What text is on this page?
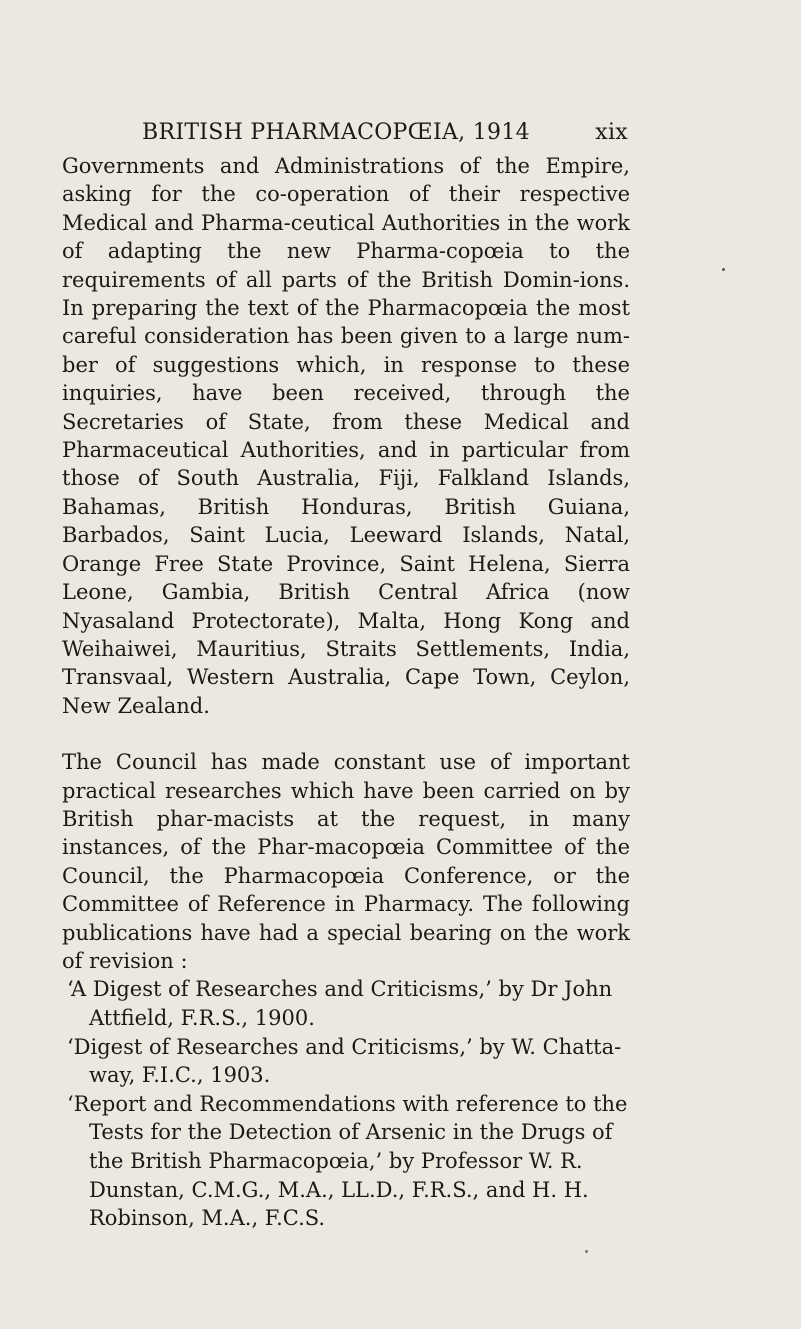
BRITISH PHARMACOPŒIA, 1914	xix

Governments and Administrations of the Empire, asking for the co-operation of their respective Medical and Pharma-ceutical Authorities in the work of adapting the new Pharma-copœia to the requirements of all parts of the British Domin-ions. In preparing the text of the Pharmacopœia the most careful consideration has been given to a large num-ber of suggestions which, in response to these inquiries, have been received, through the Secretaries of State, from these Medical and Pharmaceutical Authorities, and in particular from those of South Australia, Fiji, Falkland Islands, Bahamas, British Honduras, British Guiana, Barbados, Saint Lucia, Leeward Islands, Natal, Orange Free State Province, Saint Helena, Sierra Leone, Gambia, British Central Africa (now Nyasaland Protectorate), Malta, Hong Kong and Weihaiwei, Mauritius, Straits Settlements, India, Transvaal, Western Australia, Cape Town, Ceylon, New Zealand.

The Council has made constant use of important practical researches which have been carried on by British phar-macists at the request, in many instances, of the Phar-macopœia Committee of the Council, the Pharmacopœia Conference, or the Committee of Reference in Pharmacy. The following publications have had a special bearing on the work of revision :

‘A Digest of Researches and Criticisms,’ by Dr John Attfield, F.R.S., 1900.
‘Digest of Researches and Criticisms,’ by W. Chatta-way, F.I.C., 1903.
‘Report and Recommendations with reference to the Tests for the Detection of Arsenic in the Drugs of the British Pharmacopœia,’ by Professor W. R. Dunstan, C.M.G., M.A., LL.D., F.R.S., and H. H. Robinson, M.A., F.C.S.
